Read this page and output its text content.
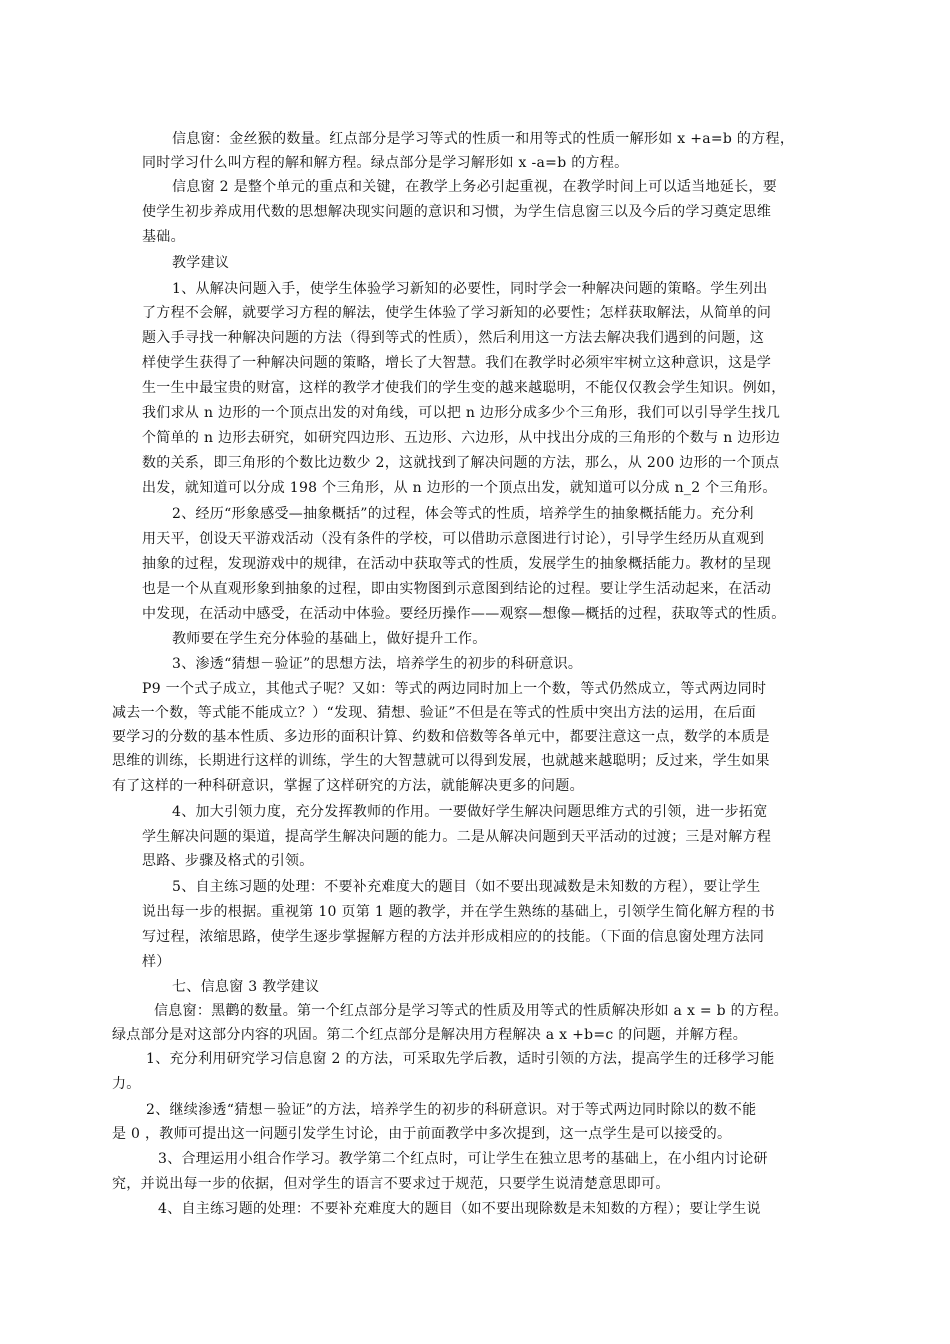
信息窗：金丝猴的数量。红点部分是学习等式的性质一和用等式的性质一解形如 x +a=b 的方程，
同时学习什么叫方程的解和解方程。绿点部分是学习解形如 x -a=b 的方程。
信息窗 2 是整个单元的重点和关键，在教学上务必引起重视，在教学时间上可以适当地延长，要
使学生初步养成用代数的思想解决现实问题的意识和习惯，为学生信息窗三以及今后的学习奠定思维
基础。
教学建议
1、从解决问题入手，使学生体验学习新知的必要性，同时学会一种解决问题的策略。学生列出
了方程不会解，就要学习方程的解法，使学生体验了学习新知的必要性；怎样获取解法，从简单的问
题入手寻找一种解决问题的方法（得到等式的性质），然后利用这一方法去解决我们遇到的问题，这
样使学生获得了一种解决问题的策略，增长了大智慧。我们在教学时必须牢牢树立这种意识，这是学
生一生中最宝贵的财富，这样的教学才使我们的学生变的越来越聪明，不能仅仅教会学生知识。例如，
我们求从 n 边形的一个顶点出发的对角线，可以把 n 边形分成多少个三角形，我们可以引导学生找几
个简单的 n 边形去研究，如研究四边形、五边形、六边形，从中找出分成的三角形的个数与 n 边形边
数的关系，即三角形的个数比边数少 2，这就找到了解决问题的方法，那么，从 200 边形的一个顶点
出发，就知道可以分成 198 个三角形，从 n 边形的一个顶点出发，就知道可以分成 n_2 个三角形。
2、经历“形象感受—抽象概括”的过程，体会等式的性质，培养学生的抽象概括能力。充分利
用天平，创设天平游戏活动（没有条件的学校，可以借助示意图进行讨论），引导学生经历从直观到
抽象的过程，发现游戏中的规律，在活动中获取等式的性质，发展学生的抽象概括能力。教材的呈现
也是一个从直观形象到抽象的过程，即由实物图到示意图到结论的过程。要让学生活动起来，在活动
中发现，在活动中感受，在活动中体验。要经历操作——观察—想像—概括的过程，获取等式的性质。
教师要在学生充分体验的基础上，做好提升工作。
3、渗透“猜想－验证”的思想方法，培养学生的初步的科研意识。
P9 一个式子成立，其他式子呢？又如：等式的两边同时加上一个数，等式仍然成立，等式两边同时
减去一个数，等式能不能成立？）“发现、猜想、验证”不但是在等式的性质中突出方法的运用，在后面
要学习的分数的基本性质、多边形的面积计算、约数和倍数等各单元中，都要注意这一点，数学的本质是
思维的训练，长期进行这样的训练，学生的大智慧就可以得到发展，也就越来越聪明；反过来，学生如果
有了这样的一种科研意识，掌握了这样研究的方法，就能解决更多的问题。
4、加大引领力度，充分发挥教师的作用。一要做好学生解决问题思维方式的引领，进一步拓宽
学生解决问题的渠道，提高学生解决问题的能力。二是从解决问题到天平活动的过渡；三是对解方程
思路、步骤及格式的引领。
5、自主练习题的处理：不要补充难度大的题目（如不要出现减数是未知数的方程），要让学生
说出每一步的根据。重视第 10 页第 1 题的教学，并在学生熟练的基础上，引领学生简化解方程的书
写过程，浓缩思路，使学生逐步掌握解方程的方法并形成相应的的技能。（下面的信息窗处理方法同
样）
七、信息窗 3 教学建议
信息窗：黑鹳的数量。第一个红点部分是学习等式的性质及用等式的性质解决形如 a x = b 的方程。
绿点部分是对这部分内容的巩固。第二个红点部分是解决用方程解决 a x +b=c 的问题，并解方程。
1、充分利用研究学习信息窗 2 的方法，可采取先学后教，适时引领的方法，提高学生的迁移学习能
力。
2、继续渗透“猜想－验证”的方法，培养学生的初步的科研意识。对于等式两边同时除以的数不能
是 0 ，教师可提出这一问题引发学生讨论，由于前面教学中多次提到，这一点学生是可以接受的。
3、合理运用小组合作学习。教学第二个红点时，可让学生在独立思考的基础上，在小组内讨论研
究，并说出每一步的依据，但对学生的语言不要求过于规范，只要学生说清楚意思即可。
4、自主练习题的处理：不要补充难度大的题目（如不要出现除数是未知数的方程）；要让学生说
